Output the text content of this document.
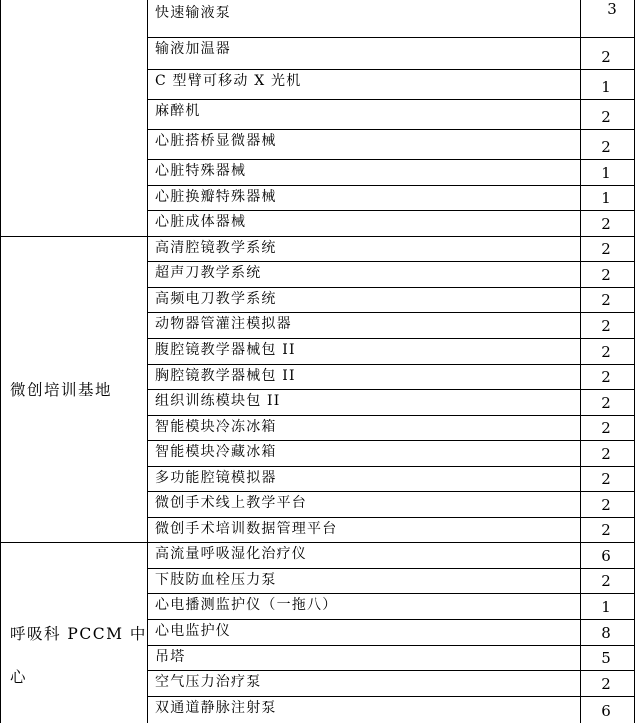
快速输液泵	3
输液加温器	2
C 型臂可移动 X 光机	1
麻醉机	2
心脏搭桥显微器械	2
心脏特殊器械	1
心脏换瓣特殊器械	1
心脏成体器械	2
微创培训基地
高清腔镜教学系统	2
超声刀教学系统	2
高频电刀教学系统	2
动物器管灌注模拟器	2
腹腔镜教学器械包 II	2
胸腔镜教学器械包 II	2
组织训练模块包 II	2
智能模块冷冻冰箱	2
智能模块冷藏冰箱	2
多功能腔镜模拟器	2
微创手术线上教学平台	2
微创手术培训数据管理平台	2
呼吸科 PCCM 中
心
高流量呼吸湿化治疗仪	6
下肢防血栓压力泵	2
心电播测监护仪（一拖八）	1
心电监护仪	8
吊塔	5
空气压力治疗泵	2
双通道静脉注射泵	6
